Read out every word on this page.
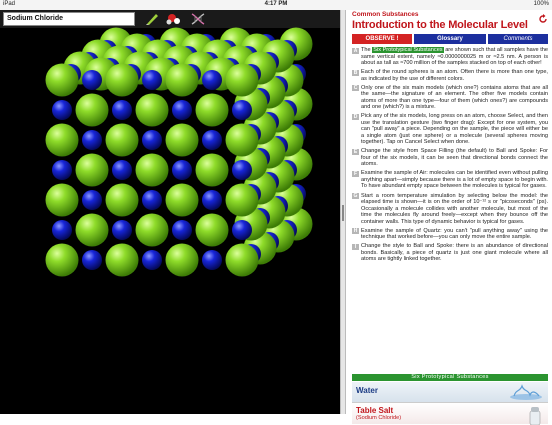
iPad	4:17 PM	100%
Sodium Chloride
Common Substances
Introduction to the Molecular Level
OBSERVE !	Glossary	Comments
A The Six Prototypical Substances are shown such that all samples have the same vertical extent, namely ≈0.0000000025 m or ≈2.5 nm. A person is about as tall as ≈700 million of the samples stacked on top of each other!
B Each of the round spheres is an atom. Often there is more than one type, as indicated by the use of different colors.
C Only one of the six main models (which one?) contains atoms that are all the same—the signature of an element. The other five models contain atoms of more than one type—four of them (which ones?) are compounds and one (which?) is a mixture.
D Pick any of the six models, long press on an atom, choose Select, and then use the translation gesture (two finger drag): Except for one system, you can "pull away" a piece. Depending on the sample, the piece will either be a single atom (just one sphere) or a molecule (several spheres moving together). Tap on Cancel Select when done.
E Change the style from Space Filling (the default) to Ball and Spoke: For four of the six models, it can be seen that directional bonds connect the atoms.
F Examine the sample of Air: molecules can be identified even without pulling anything apart—simply because there is a lot of empty space to begin with. To have abundant empty space between the molecules is typical for gases.
G Start a room temperature simulation by selecting below the model: the elapsed time is shown—it is on the order of 10⁻¹² s or "picoseconds" (ps). Occasionally a molecule collides with another molecule, but most of the time the molecules fly around freely—except when they bounce off the container walls. This type of dynamic behavior is typical for gases.
H Examine the sample of Quartz: you can't "pull anything away" using the technique that worked before—you can only move the entire sample.
I Change the style to Ball and Spoke: there is an abundance of directional bonds. Basically, a piece of quartz is just one giant molecule where all atoms are tightly linked together.
Six Prototypical Substances
Water
Table Salt
(Sodium Chloride)
